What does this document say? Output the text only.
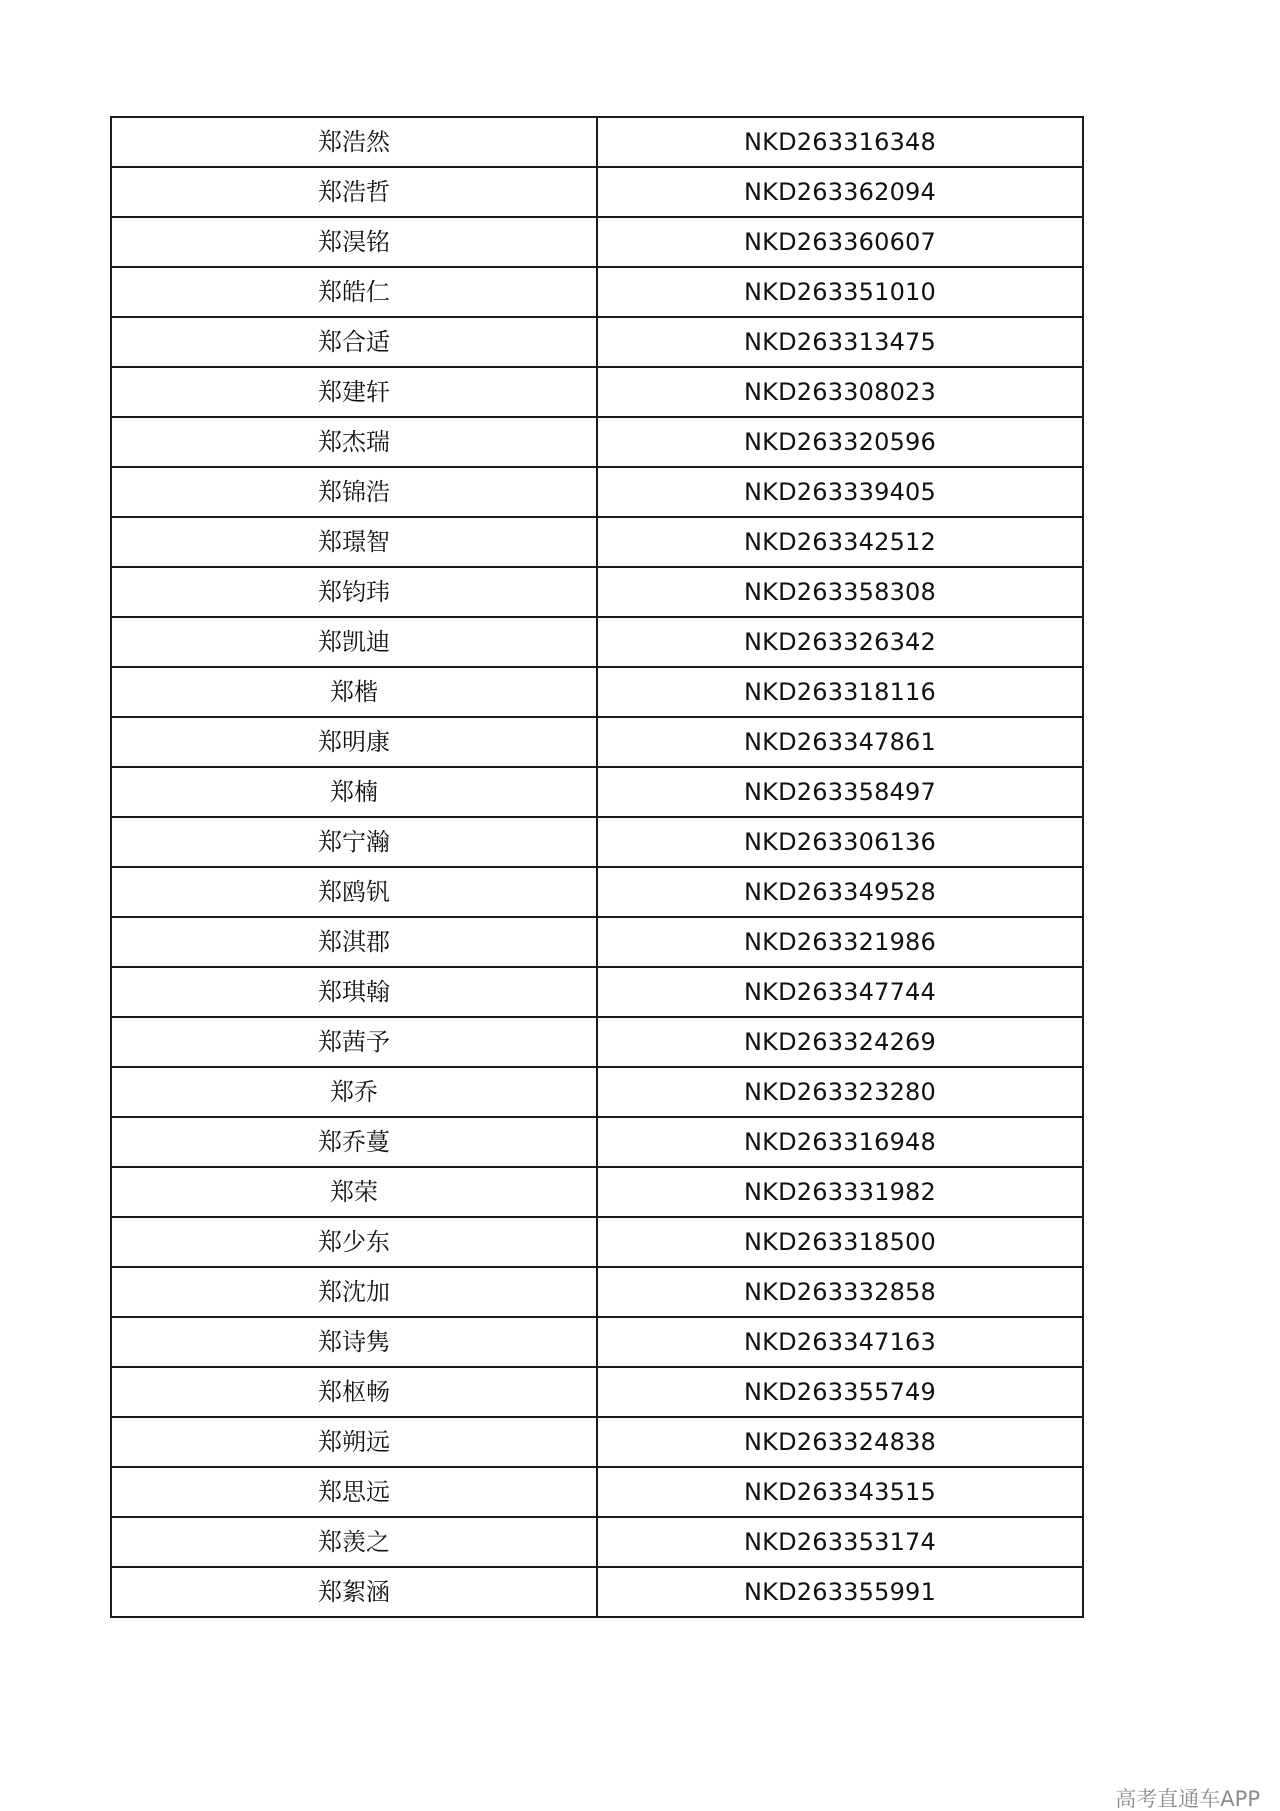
郑浩然	NKD263316348
郑浩哲	NKD263362094
郑淏铭	NKD263360607
郑皓仁	NKD263351010
郑合适	NKD263313475
郑建轩	NKD263308023
郑杰瑞	NKD263320596
郑锦浩	NKD263339405
郑璟智	NKD263342512
郑钧玮	NKD263358308
郑凯迪	NKD263326342
郑楷	NKD263318116
郑明康	NKD263347861
郑楠	NKD263358497
郑宁瀚	NKD263306136
郑鸥钒	NKD263349528
郑淇郡	NKD263321986
郑琪翰	NKD263347744
郑茜予	NKD263324269
郑乔	NKD263323280
郑乔蔓	NKD263316948
郑荣	NKD263331982
郑少东	NKD263318500
郑沈加	NKD263332858
郑诗隽	NKD263347163
郑枢畅	NKD263355749
郑朔远	NKD263324838
郑思远	NKD263343515
郑羡之	NKD263353174
郑絮涵	NKD263355991
高考直通车APP
